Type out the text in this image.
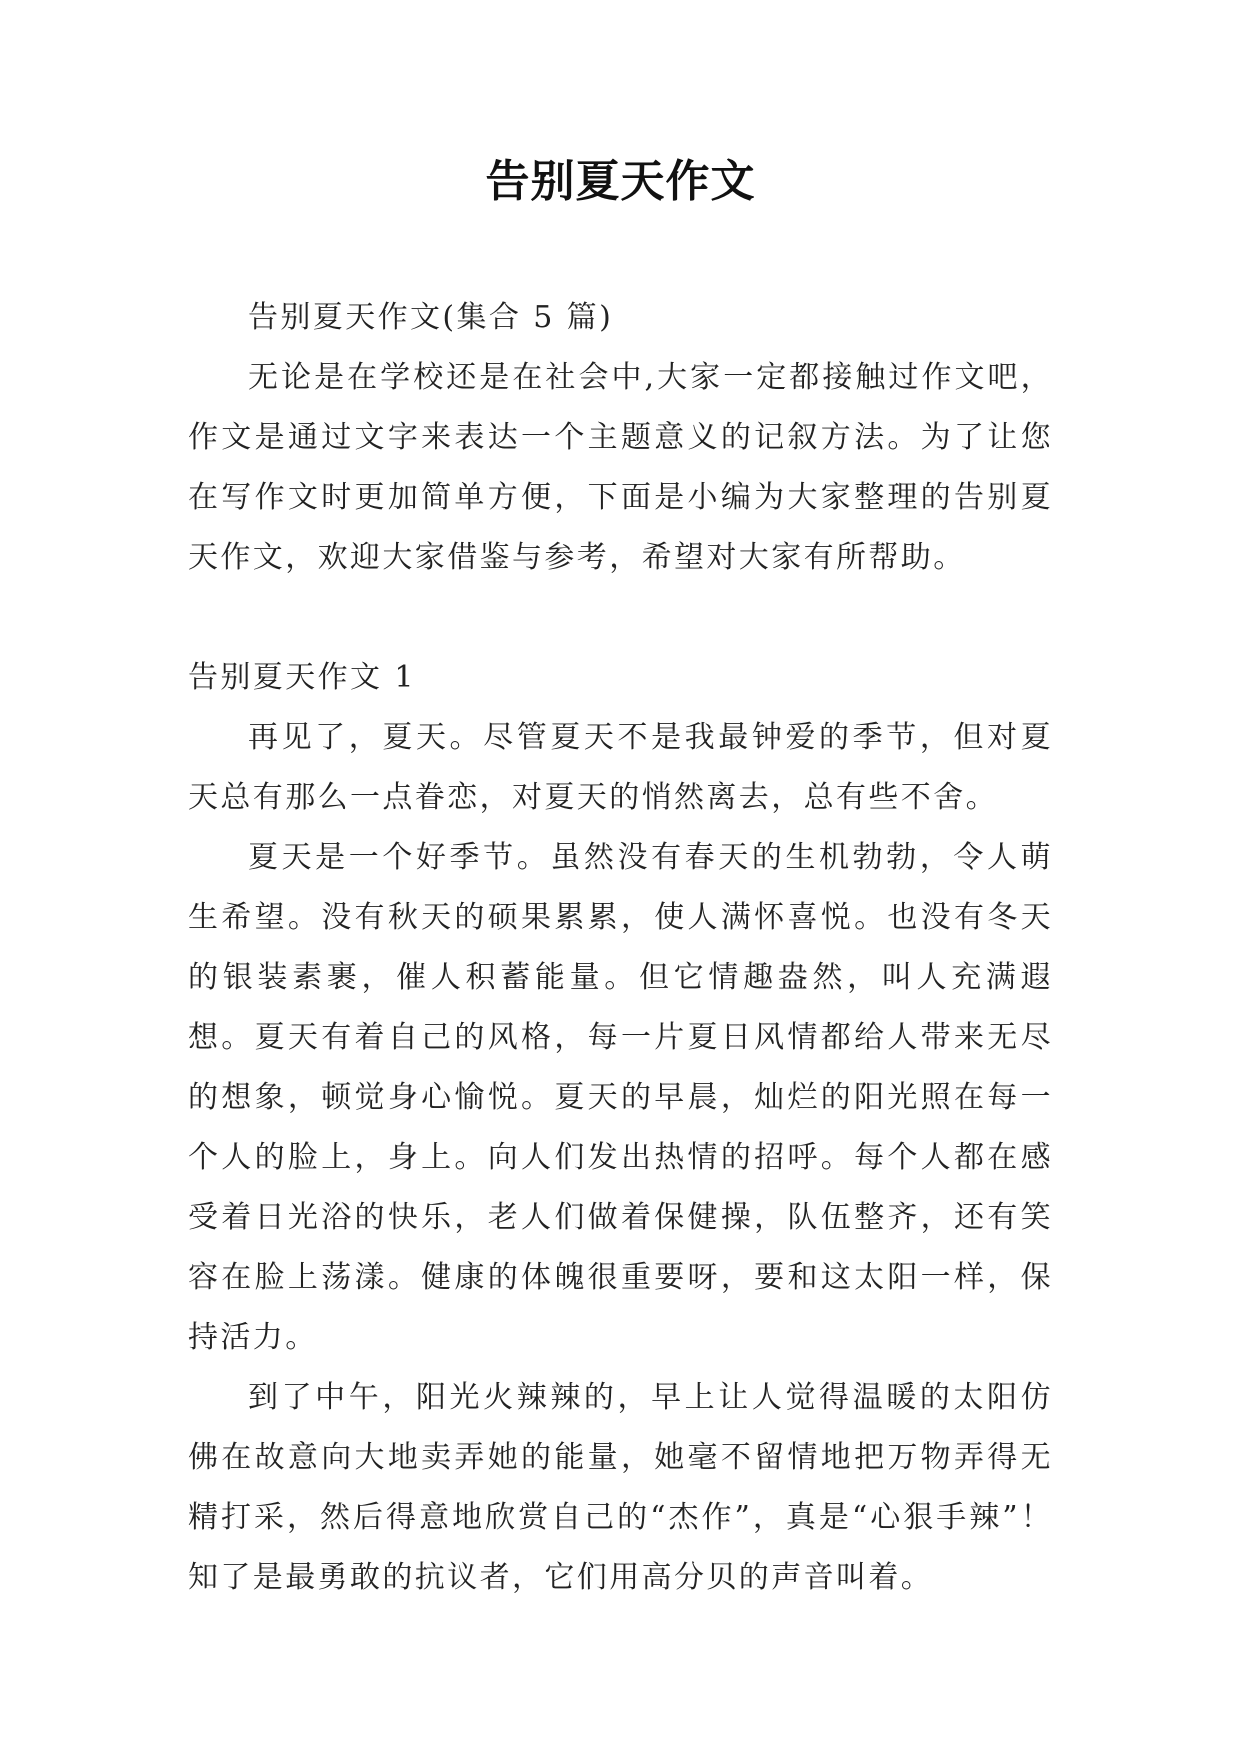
告别夏天作文

告别夏天作文(集合 5 篇)

无论是在学校还是在社会中,大家一定都接触过作文吧，作文是通过文字来表达一个主题意义的记叙方法。为了让您在写作文时更加简单方便，下面是小编为大家整理的告别夏天作文，欢迎大家借鉴与参考，希望对大家有所帮助。

告别夏天作文 1

再见了，夏天。尽管夏天不是我最钟爱的季节，但对夏天总有那么一点眷恋，对夏天的悄然离去，总有些不舍。

夏天是一个好季节。虽然没有春天的生机勃勃，令人萌生希望。没有秋天的硕果累累，使人满怀喜悦。也没有冬天的银装素裹，催人积蓄能量。但它情趣盎然，叫人充满遐想。夏天有着自己的风格，每一片夏日风情都给人带来无尽的想象，顿觉身心愉悦。夏天的早晨，灿烂的阳光照在每一个人的脸上，身上。向人们发出热情的招呼。每个人都在感受着日光浴的快乐，老人们做着保健操，队伍整齐，还有笑容在脸上荡漾。健康的体魄很重要呀，要和这太阳一样，保持活力。

到了中午，阳光火辣辣的，早上让人觉得温暖的太阳仿佛在故意向大地卖弄她的能量，她毫不留情地把万物弄得无精打采，然后得意地欣赏自己的“杰作”，真是“心狠手辣”！知了是最勇敢的抗议者，它们用高分贝的声音叫着。
